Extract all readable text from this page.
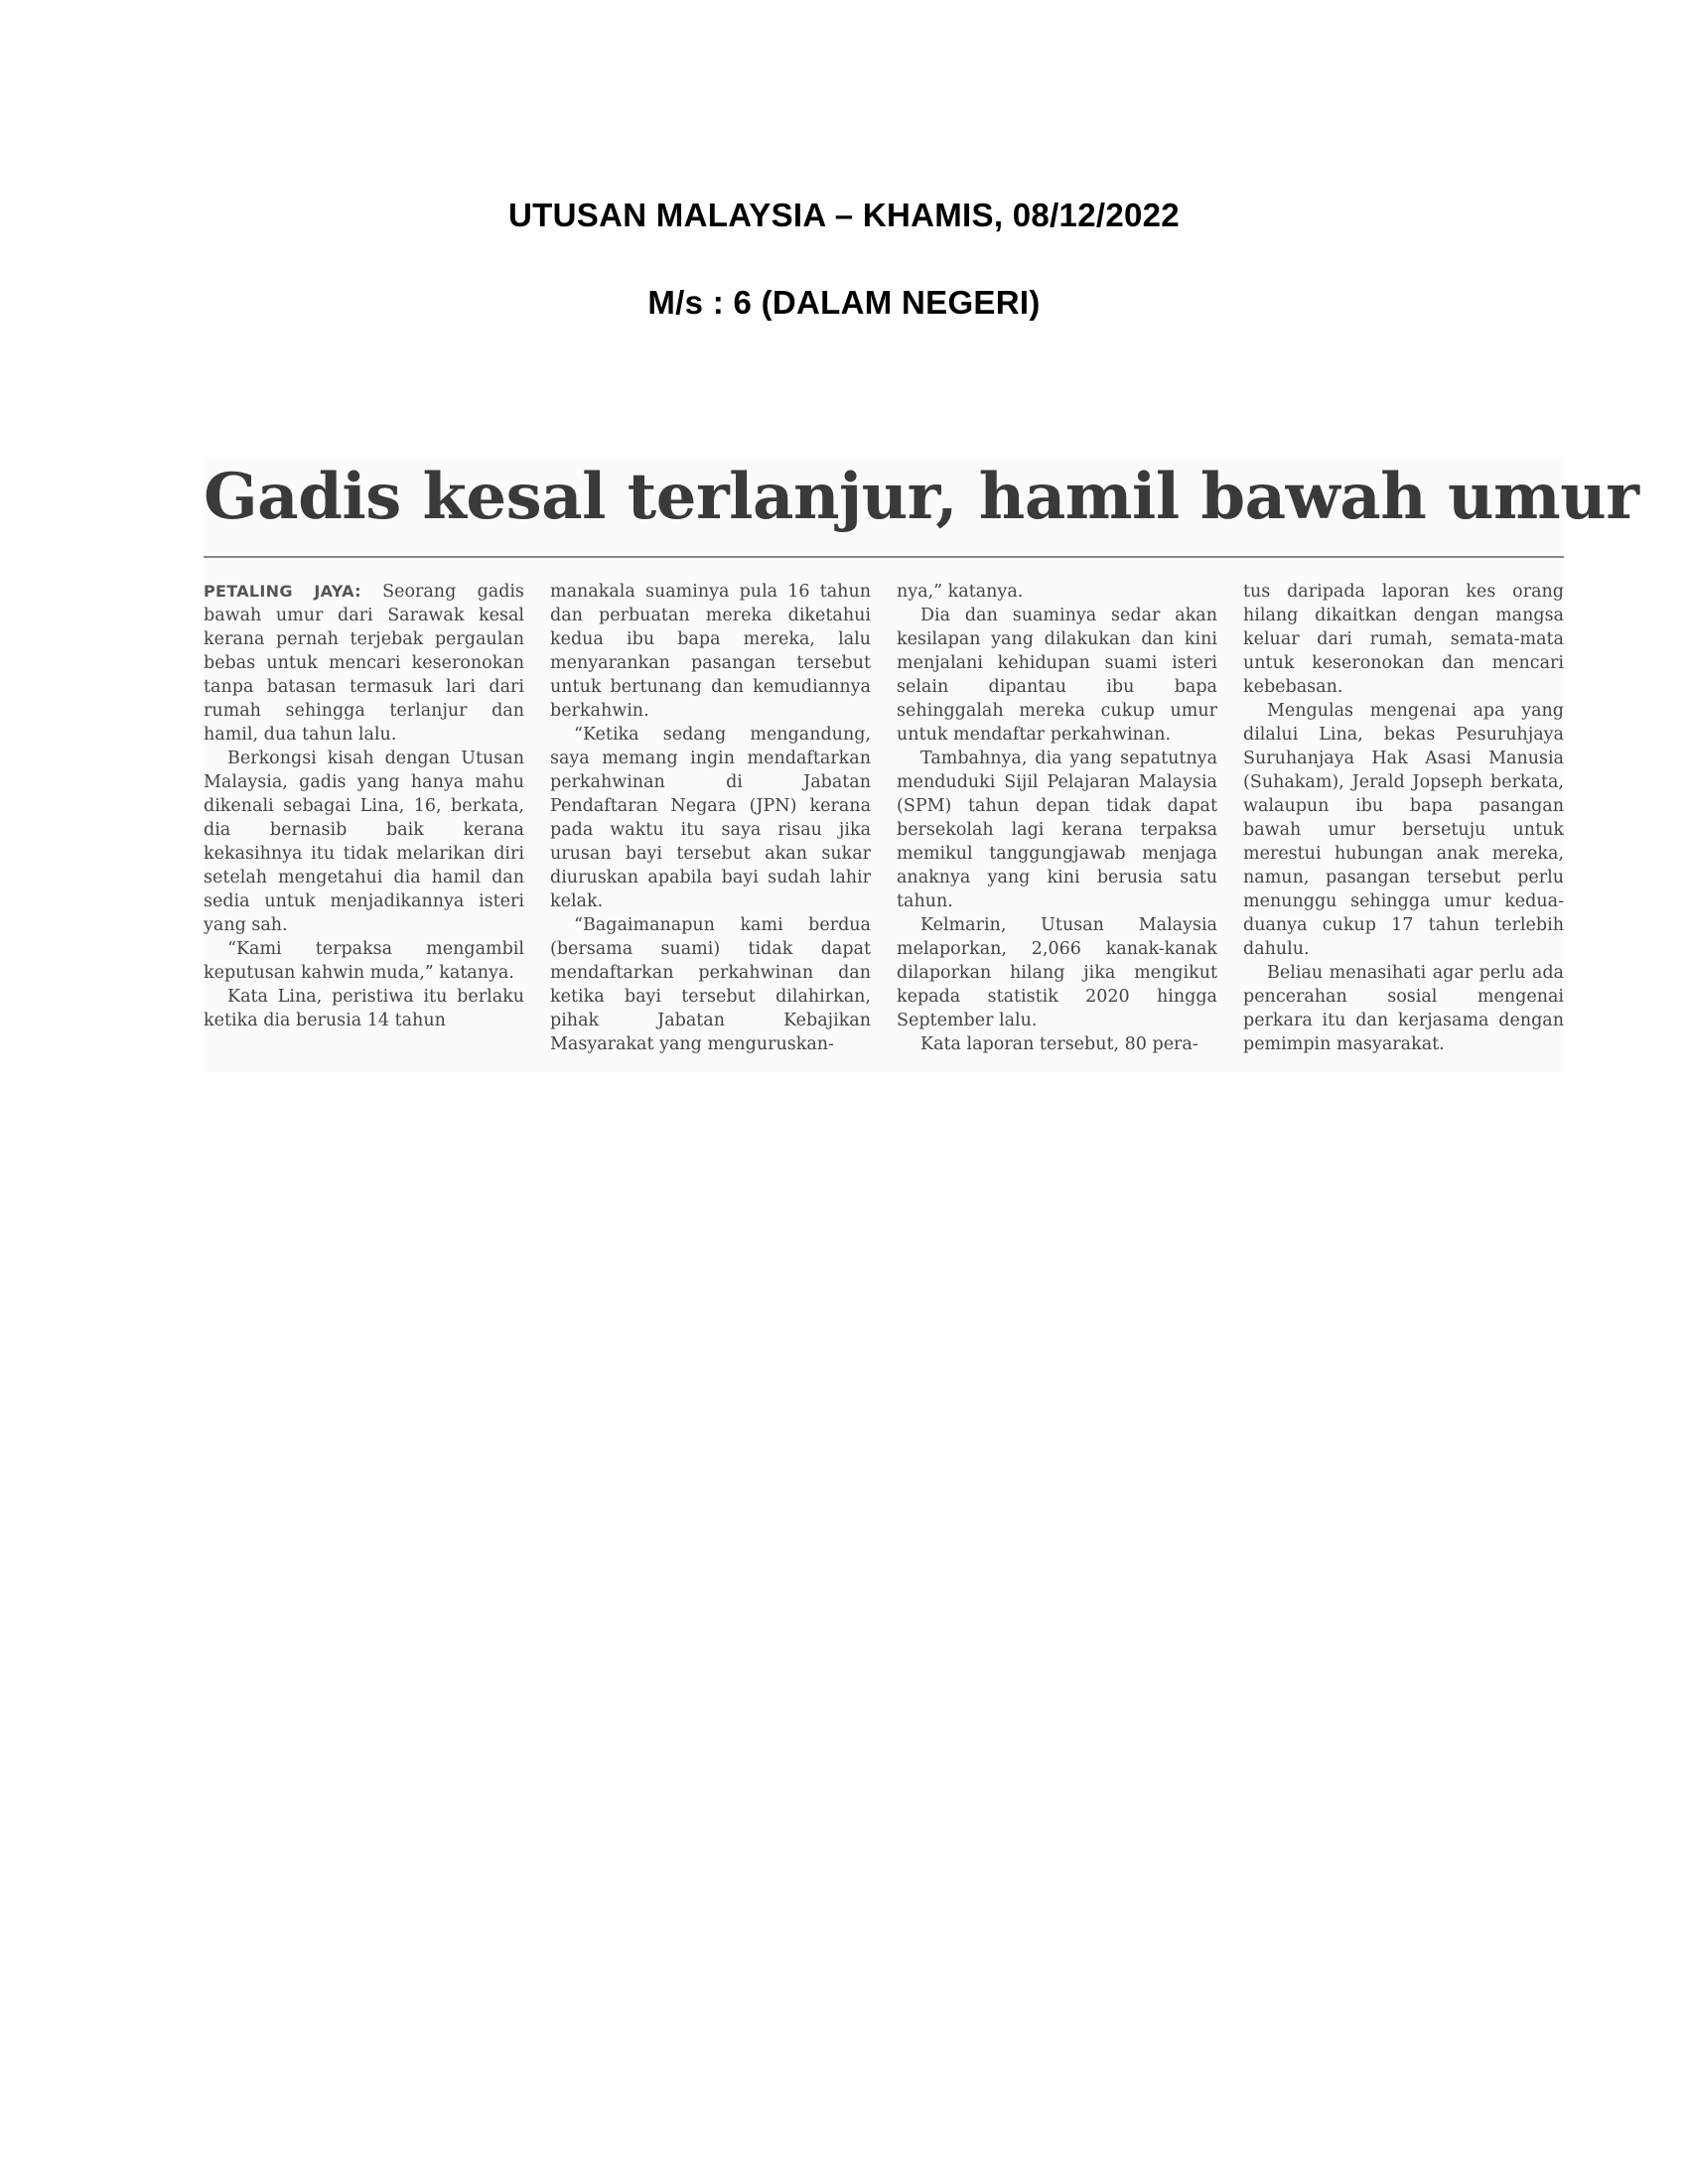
UTUSAN MALAYSIA – KHAMIS, 08/12/2022
M/s : 6 (DALAM NEGERI)
Gadis kesal terlanjur, hamil bawah umur

PETALING JAYA: Seorang gadis bawah umur dari Sarawak kesal kerana pernah terjebak pergaulan bebas untuk mencari keseronokan tanpa batasan termasuk lari dari rumah sehingga terlanjur dan hamil, dua tahun lalu.

Berkongsi kisah dengan Utusan Malaysia, gadis yang hanya mahu dikenali sebagai Lina, 16, berkata, dia bernasib baik kerana kekasihnya itu tidak melarikan diri setelah mengetahui dia hamil dan sedia untuk menjadikannya isteri yang sah.

“Kami terpaksa mengambil keputusan kahwin muda,” katanya.

Kata Lina, peristiwa itu berlaku ketika dia berusia 14 tahun

manakala suaminya pula 16 tahun dan perbuatan mereka diketahui kedua ibu bapa mereka, lalu menyarankan pasangan tersebut untuk bertunang dan kemudiannya berkahwin.

“Ketika sedang mengandung, saya memang ingin mendaftarkan perkahwinan di Jabatan Pendaftaran Negara (JPN) kerana pada waktu itu saya risau jika urusan bayi tersebut akan sukar diuruskan apabila bayi sudah lahir kelak.

“Bagaimanapun kami berdua (bersama suami) tidak dapat mendaftarkan perkahwinan dan ketika bayi tersebut dilahirkan, pihak Jabatan Kebajikan Masyarakat yang menguruskan-

nya,” katanya.

Dia dan suaminya sedar akan kesilapan yang dilakukan dan kini menjalani kehidupan suami isteri selain dipantau ibu bapa sehinggalah mereka cukup umur untuk mendaftar perkahwinan.

Tambahnya, dia yang sepatutnya menduduki Sijil Pelajaran Malaysia (SPM) tahun depan tidak dapat bersekolah lagi kerana terpaksa memikul tanggungjawab menjaga anaknya yang kini berusia satu tahun.

Kelmarin, Utusan Malaysia melaporkan, 2,066 kanak-kanak dilaporkan hilang jika mengikut kepada statistik 2020 hingga September lalu.

Kata laporan tersebut, 80 pera-

tus daripada laporan kes orang hilang dikaitkan dengan mangsa keluar dari rumah, semata-mata untuk keseronokan dan mencari kebebasan.

Mengulas mengenai apa yang dilalui Lina, bekas Pesuruhjaya Suruhanjaya Hak Asasi Manusia (Suhakam), Jerald Jopseph berkata, walaupun ibu bapa pasangan bawah umur bersetuju untuk merestui hubungan anak mereka, namun, pasangan tersebut perlu menunggu sehingga umur kedua-duanya cukup 17 tahun terlebih dahulu.

Beliau menasihati agar perlu ada pencerahan sosial mengenai perkara itu dan kerjasama dengan pemimpin masyarakat.
